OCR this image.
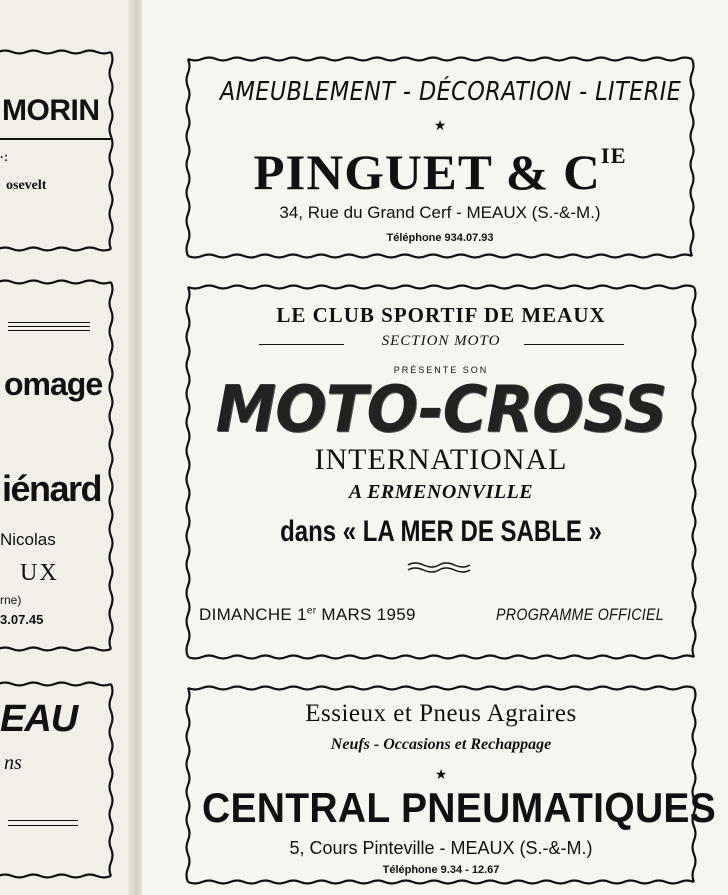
MORIN
·:
osevelt
omage
iénard
Nicolas
UX
rne)
3.07.45
EAU
ns
AMEUBLEMENT - DÉCORATION - LITERIE
★
PINGUET & $C^{IE}$
34, Rue du Grand Cerf - MEAUX (S.-&-M.)
Téléphone 934.07.93
LE CLUB SPORTIF DE MEAUX
SECTION MOTO
PRÉSENTE SON
MOTO-CROSS
INTERNATIONAL
A ERMENONVILLE
dans « LA MER DE SABLE »
DIMANCHE 1er MARS 1959	PROGRAMME OFFICIEL
Essieux et Pneus Agraires
Neufs - Occasions et Rechappage
★
CENTRAL PNEUMATIQUES
5, Cours Pinteville - MEAUX (S.-&-M.)
Téléphone 9.34 - 12.67
